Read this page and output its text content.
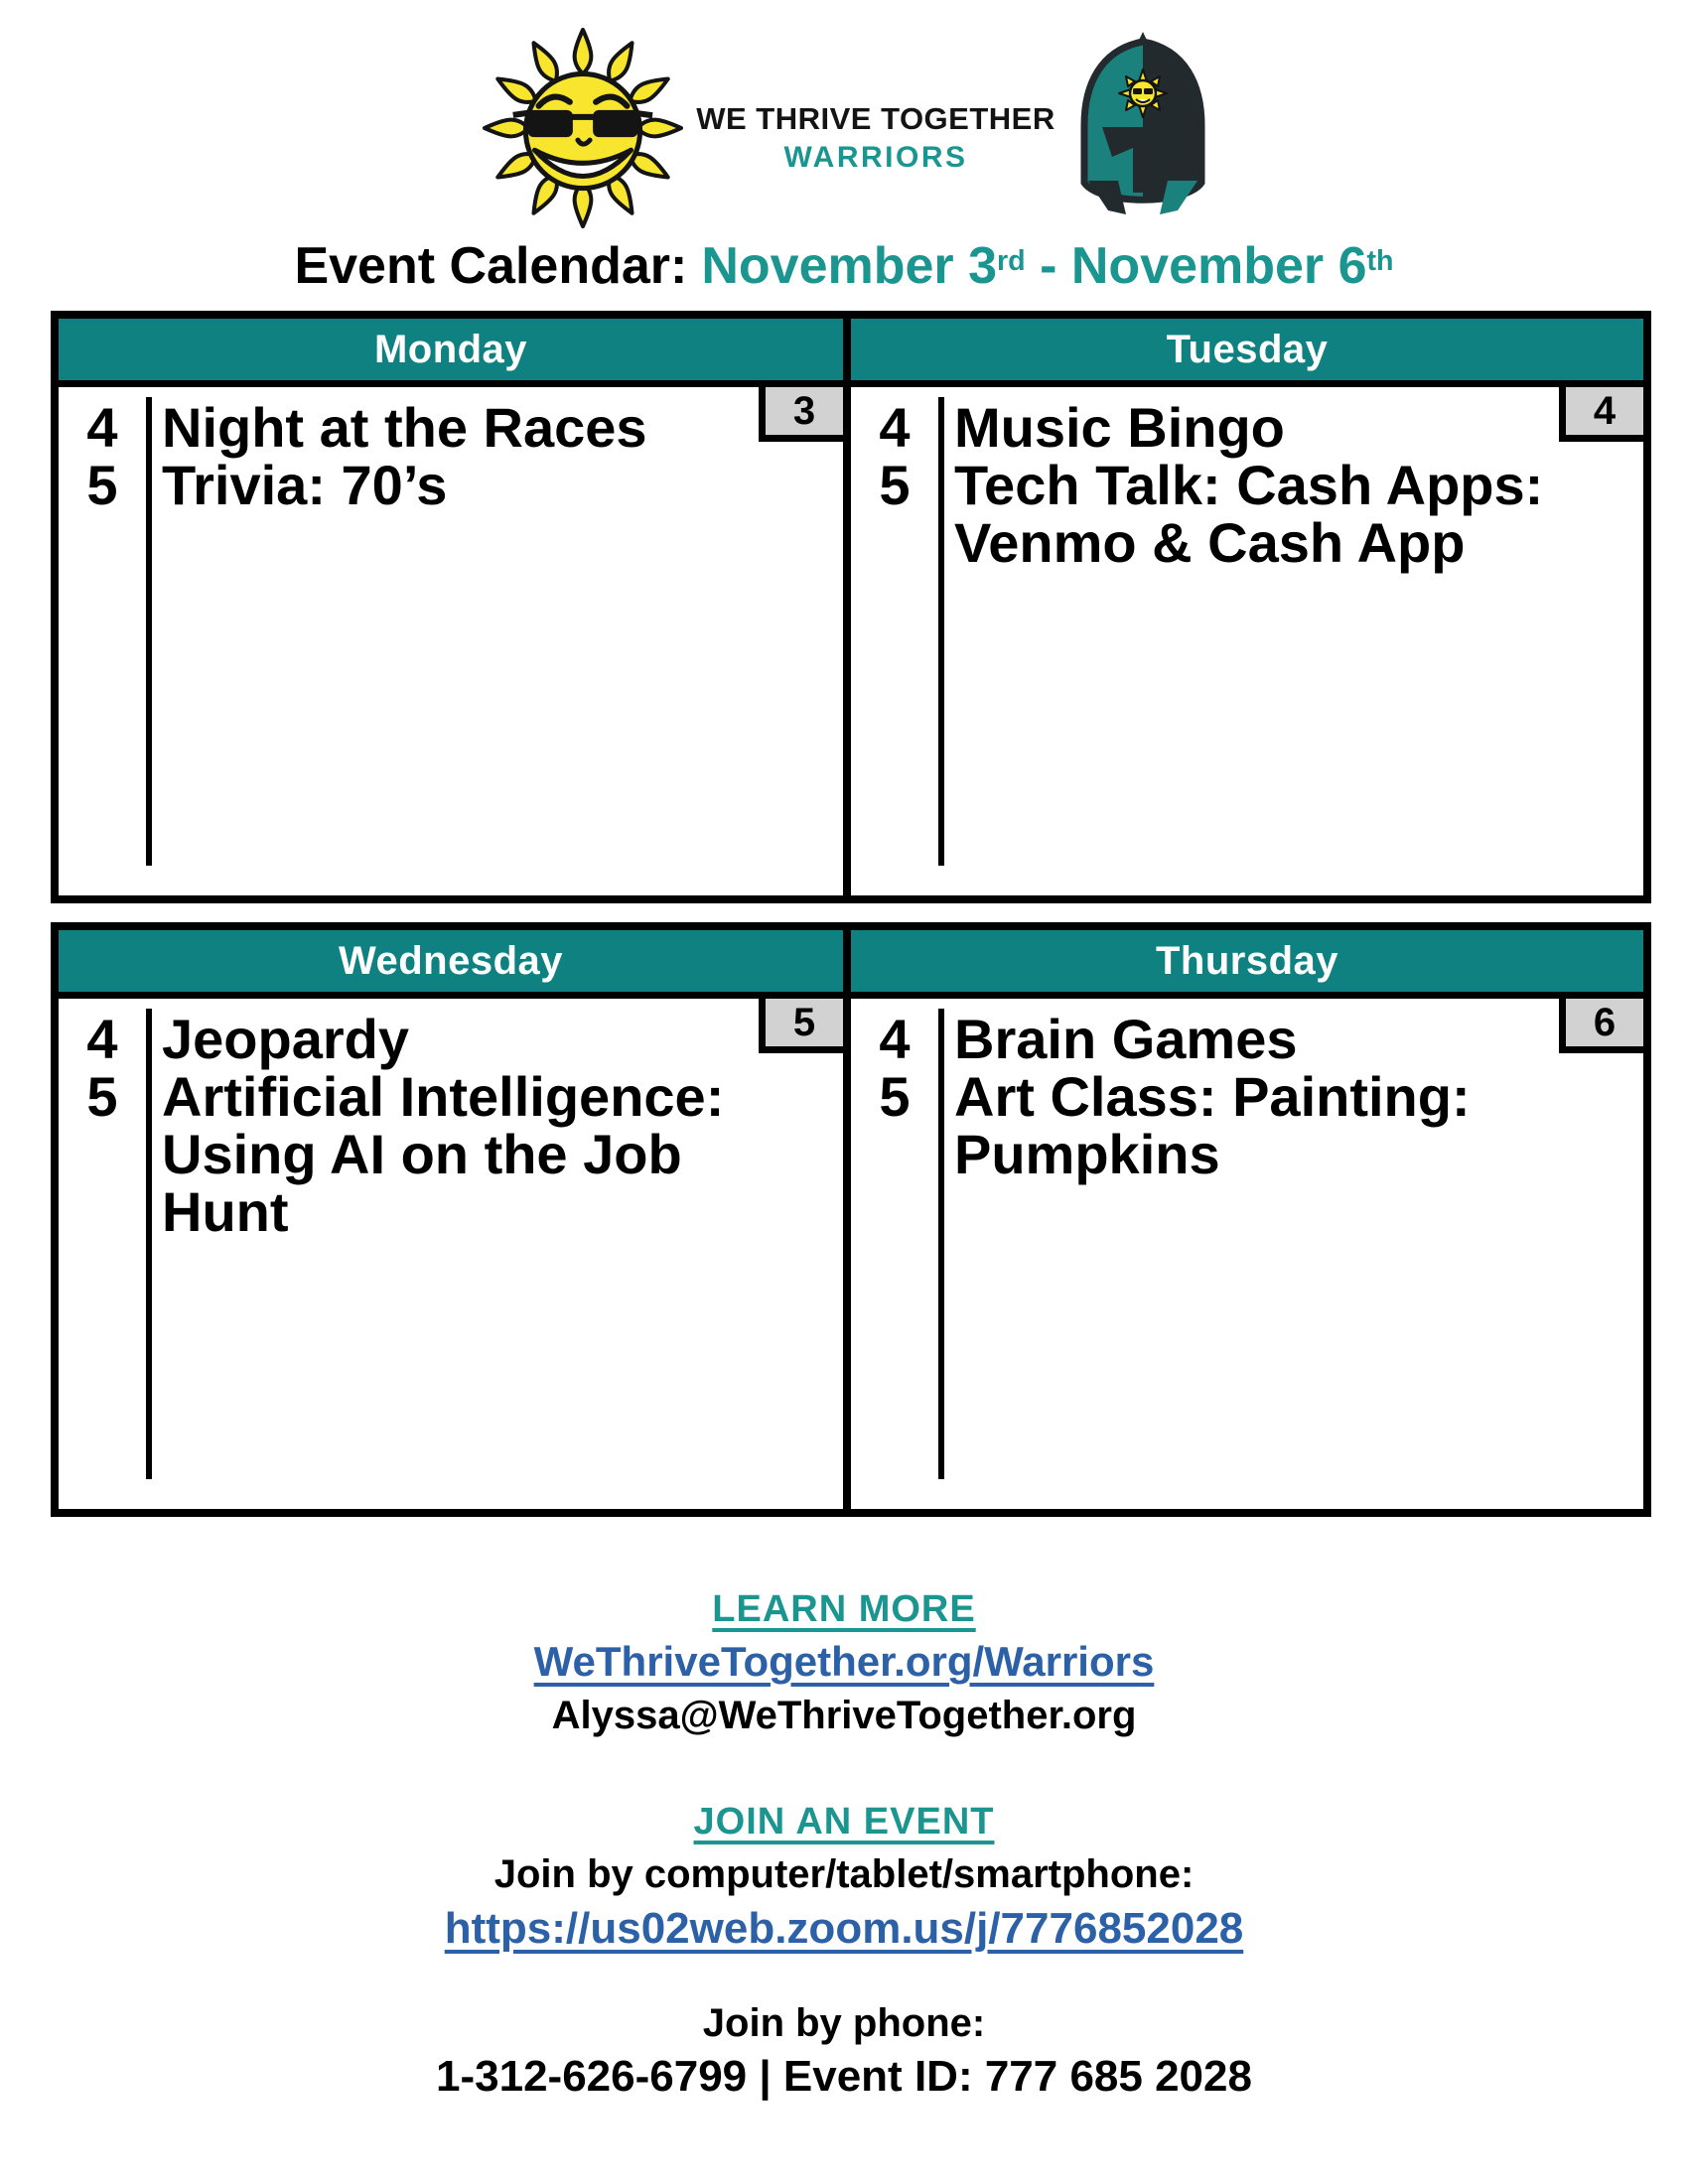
WE THRIVE TOGETHER
WARRIORS
Event Calendar: November 3rd - November 6th
Monday
3
4 Night at the Races
5 Trivia: 70’s
Tuesday
4
4 Music Bingo
5 Tech Talk: Cash Apps: Venmo & Cash App
Wednesday
5
4 Jeopardy
5 Artificial Intelligence: Using AI on the Job Hunt
Thursday
6
4 Brain Games
5 Art Class: Painting: Pumpkins
LEARN MORE
WeThriveTogether.org/Warriors
Alyssa@WeThriveTogether.org
JOIN AN EVENT
Join by computer/tablet/smartphone:
https://us02web.zoom.us/j/7776852028
Join by phone:
1-312-626-6799 | Event ID: 777 685 2028
